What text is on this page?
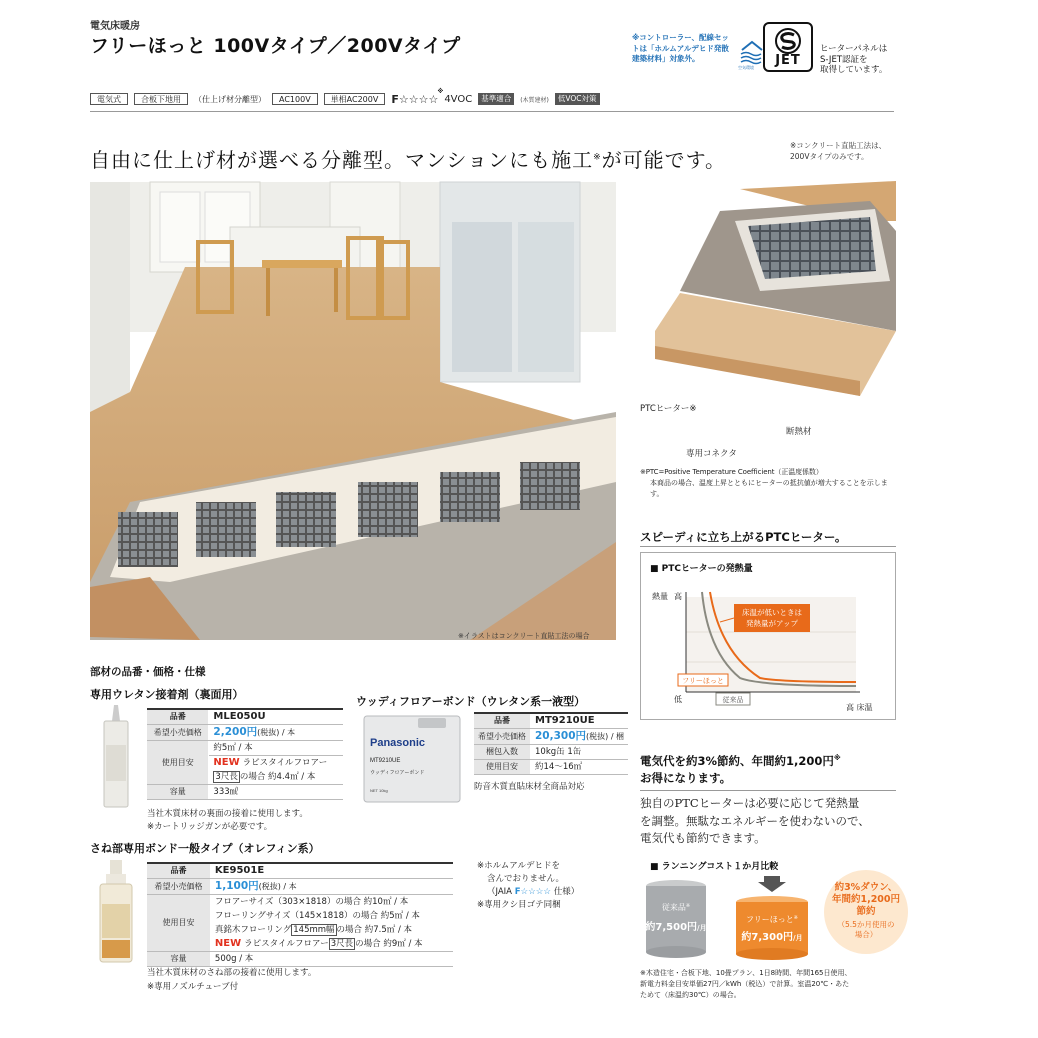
電気床暖房
フリーほっと 100Vタイプ／200Vタイプ	※コントローラー、配線セットは「ホルムアルデヒド発散建築材料」対象外。
空気環境 JET
ヒーターパネルは
S-JET認証を
取得しています。
電気式	合板下地用	（仕上げ材分離型）	AC100V	単相AC200V	F☆☆☆☆
※
4VOC	基準適合	(木質建材)	低VOC対策
自由に仕上げ材が選べる分離型。マンションにも施工※が可能です。
※コンクリート直貼工法は、
200Vタイプのみです。
※イラストはコンクリート直貼工法の場合
PTCヒーター※
断熱材
専用コネクタ
※PTC=Positive Temperature Coefficient（正温度係数）
本商品の場合、温度上昇とともにヒーターの抵抗値が増大することを示します。
スピーディに立ち上がるPTCヒーター。
■ PTCヒーターの発熱量
熱量 高
低
高 床温
床温が低いときは
発熱量がアップ
フリーほっと
従来品
電気代を約3%節約、年間約1,200円※
お得になります。
独自のPTCヒーターは必要に応じて発熱量
を調整。無駄なエネルギーを使わないので、
電気代も節約できます。
■ ランニングコスト１か月比較
従来品※
約7,500円/月
フリーほっと※
約7,300円/月
約3%ダウン、
年間約1,200円
節約
（5.5か月使用の
場合）
※木造住宅・合板下地、10畳プラン、1日8時間、年間165日使用、
新電力料金目安単価27円／kWh（税込）で計算。室温20℃・あた
ためて（床温約30℃）の場合。
部材の品番・価格・仕様
専用ウレタン接着剤（裏面用）
品番	MLE050U
希望小売価格	2,200円(税抜) / 本
使用目安	約5㎡ / 本
	NEW ラピスタイルフロアー
	3尺長 の場合 約4.4㎡ / 本
容量	333㎖
当社木質床材の裏面の接着に使用します。
※カートリッジガンが必要です。
ウッディフロアーボンド（ウレタン系一液型）
Panasonic
MT9210UE
ウッディフロアーボンド
NET 10kg
品番	MT9210UE
希望小売価格	20,300円(税抜) / 梱
梱包入数	10kg缶 1缶
使用目安	約14〜16㎡
防音木質直貼床材全商品対応
さね部専用ボンド一般タイプ（オレフィン系）
品番	KE9501E
希望小売価格	1,100円(税抜) / 本
使用目安	フロアーサイズ（303×1818）の場合 約10㎡ / 本
	フローリングサイズ（145×1818）の場合 約5㎡ / 本
	真銘木フローリング 145mm幅 の場合 約7.5㎡ / 本
	NEW ラピスタイルフロアー 3尺長 の場合 約9㎡ / 本
容量	500g / 本
当社木質床材のさね部の接着に使用します。
※専用ノズルチューブ付
※ホルムアルデヒドを
含んでおりません。
（JAIA F☆☆☆☆ 仕様）
※専用クシ目ゴテ同梱
